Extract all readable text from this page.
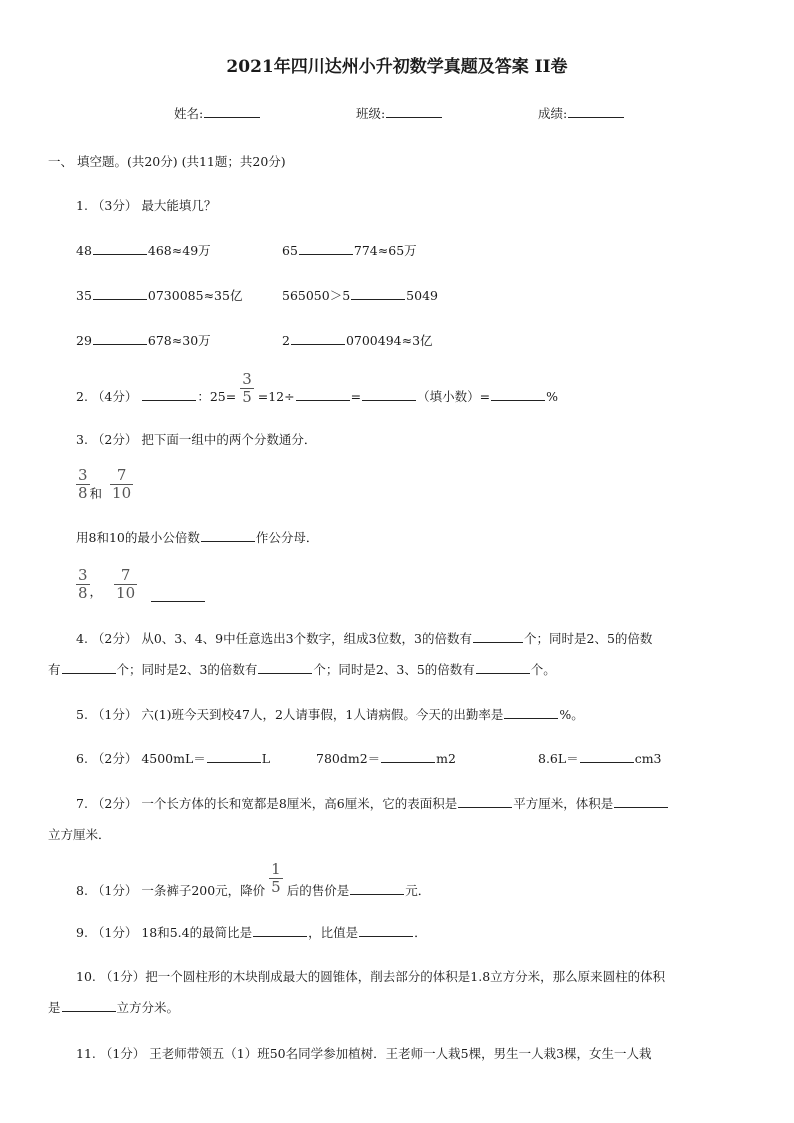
2021年四川达州小升初数学真题及答案 II卷
姓名:	班级:	成绩:
一、 填空题。(共20分) (共11题；共20分)
1. （3分） 最大能填几？
48	468≈49万	65	774≈65万
35	0730085≈35亿	565050＞5	5049
29	678≈30万	2	0700494≈3亿
2. （4分）	：$25= \frac{3}{5} =12\div$	=	（填小数）=	%
3. （2分） 把下面一组中的两个分数通分．
$\frac{3}{8}$ 和 $\frac{7}{10}$
用8和10的最小公倍数	作公分母．
$\frac{3}{8}$ ， $\frac{7}{10}$

4. （2分） 从0、3、4、9中任意选出3个数字，组成3位数，3的倍数有	个；同时是2、5的倍数
有	个；同时是2、3的倍数有	个；同时是2、3、5的倍数有	个。
5. （1分） 六(1)班今天到校47人，2人请事假，1人请病假。今天的出勤率是	%。
6. （2分） 4500mL＝	L	780dm2＝	m2	8.6L＝	cm3
7. （2分） 一个长方体的长和宽都是8厘米，高6厘米，它的表面积是	平方厘米，体积是
立方厘米．
8. （1分） 一条裤子200元，降价 $\frac{1}{5}$ 后的售价是	元．
9. （1分） 18和5.4的最简比是	，比值是	．
10. （1分）把一个圆柱形的木块削成最大的圆锥体，削去部分的体积是1.8立方分米，那么原来圆柱的体积
是	立方分米。
11. （1分） 王老师带领五（1）班50名同学参加植树．王老师一人栽5棵，男生一人栽3棵，女生一人栽
